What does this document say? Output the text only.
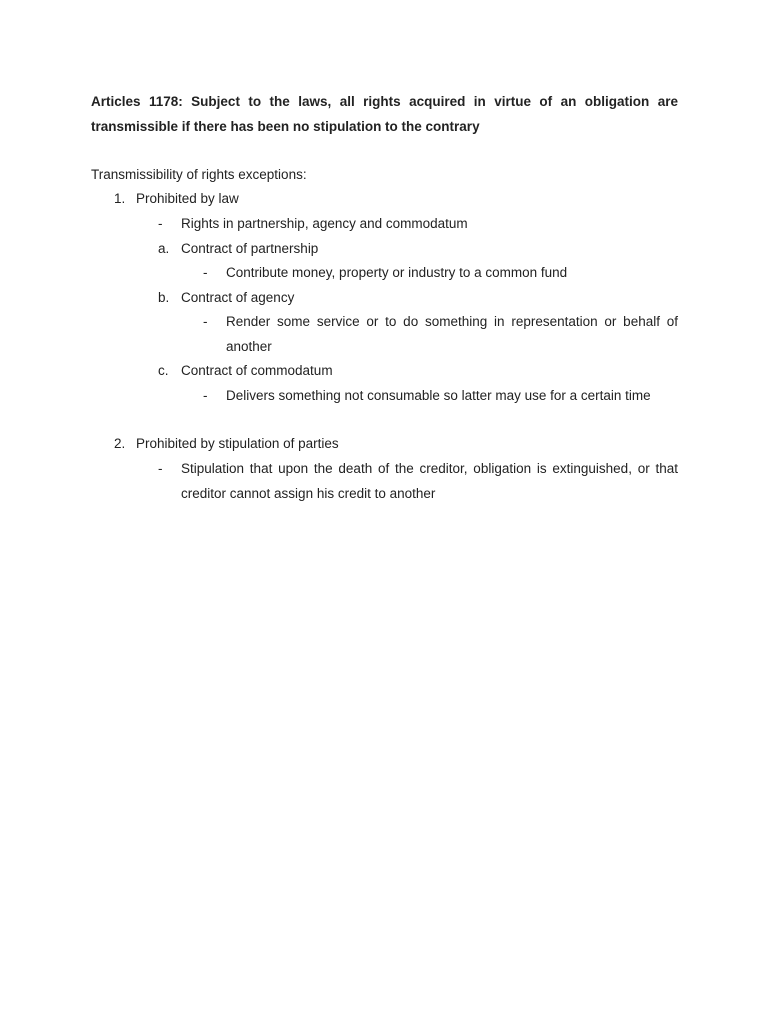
Articles 1178: Subject to the laws, all rights acquired in virtue of an obligation are
transmissible if there has been no stipulation to the contrary
Transmissibility of rights exceptions:
1. Prohibited by law
- Rights in partnership, agency and commodatum
a. Contract of partnership
- Contribute money, property or industry to a common fund
b. Contract of agency
- Render some service or to do something in representation or behalf of
another
c. Contract of commodatum
- Delivers something not consumable so latter may use for a certain time
2. Prohibited by stipulation of parties
- Stipulation that upon the death of the creditor, obligation is extinguished, or that
creditor cannot assign his credit to another
